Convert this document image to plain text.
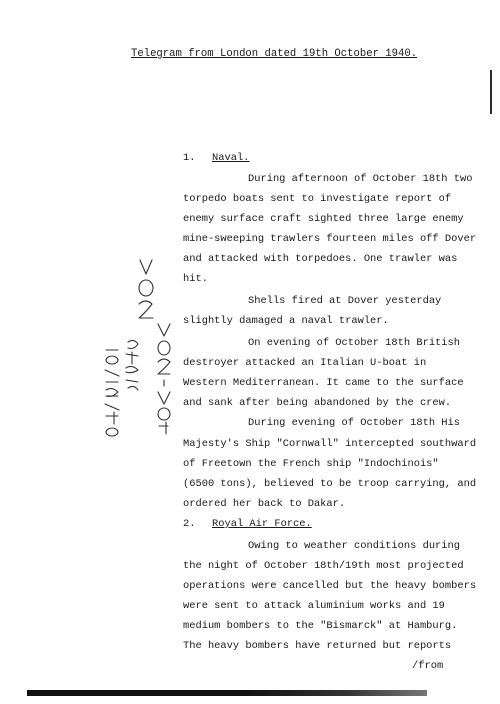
Telegram from London dated 19th October 1940.
1. Naval.
During afternoon of October 18th two
torpedo boats sent to investigate report of
enemy surface craft sighted three large enemy
mine-sweeping trawlers fourteen miles off Dover
and attacked with torpedoes. One trawler was
hit.
Shells fired at Dover yesterday
slightly damaged a naval trawler.
On evening of October 18th British
destroyer attacked an Italian U-boat in
Western Mediterranean. It came to the surface
and sank after being abandoned by the crew.
During evening of October 18th His
Majesty's Ship "Cornwall" intercepted southward
of Freetown the French ship "Indochinois"
(6500 tons), believed to be troop carrying, and
ordered her back to Dakar.
2. Royal Air Force.
Owing to weather conditions during
the night of October 18th/19th most projected
operations were cancelled but the heavy bombers
were sent to attack aluminium works and 19
medium bombers to the "Bismarck" at Hamburg.
The heavy bombers have returned but reports
/from
